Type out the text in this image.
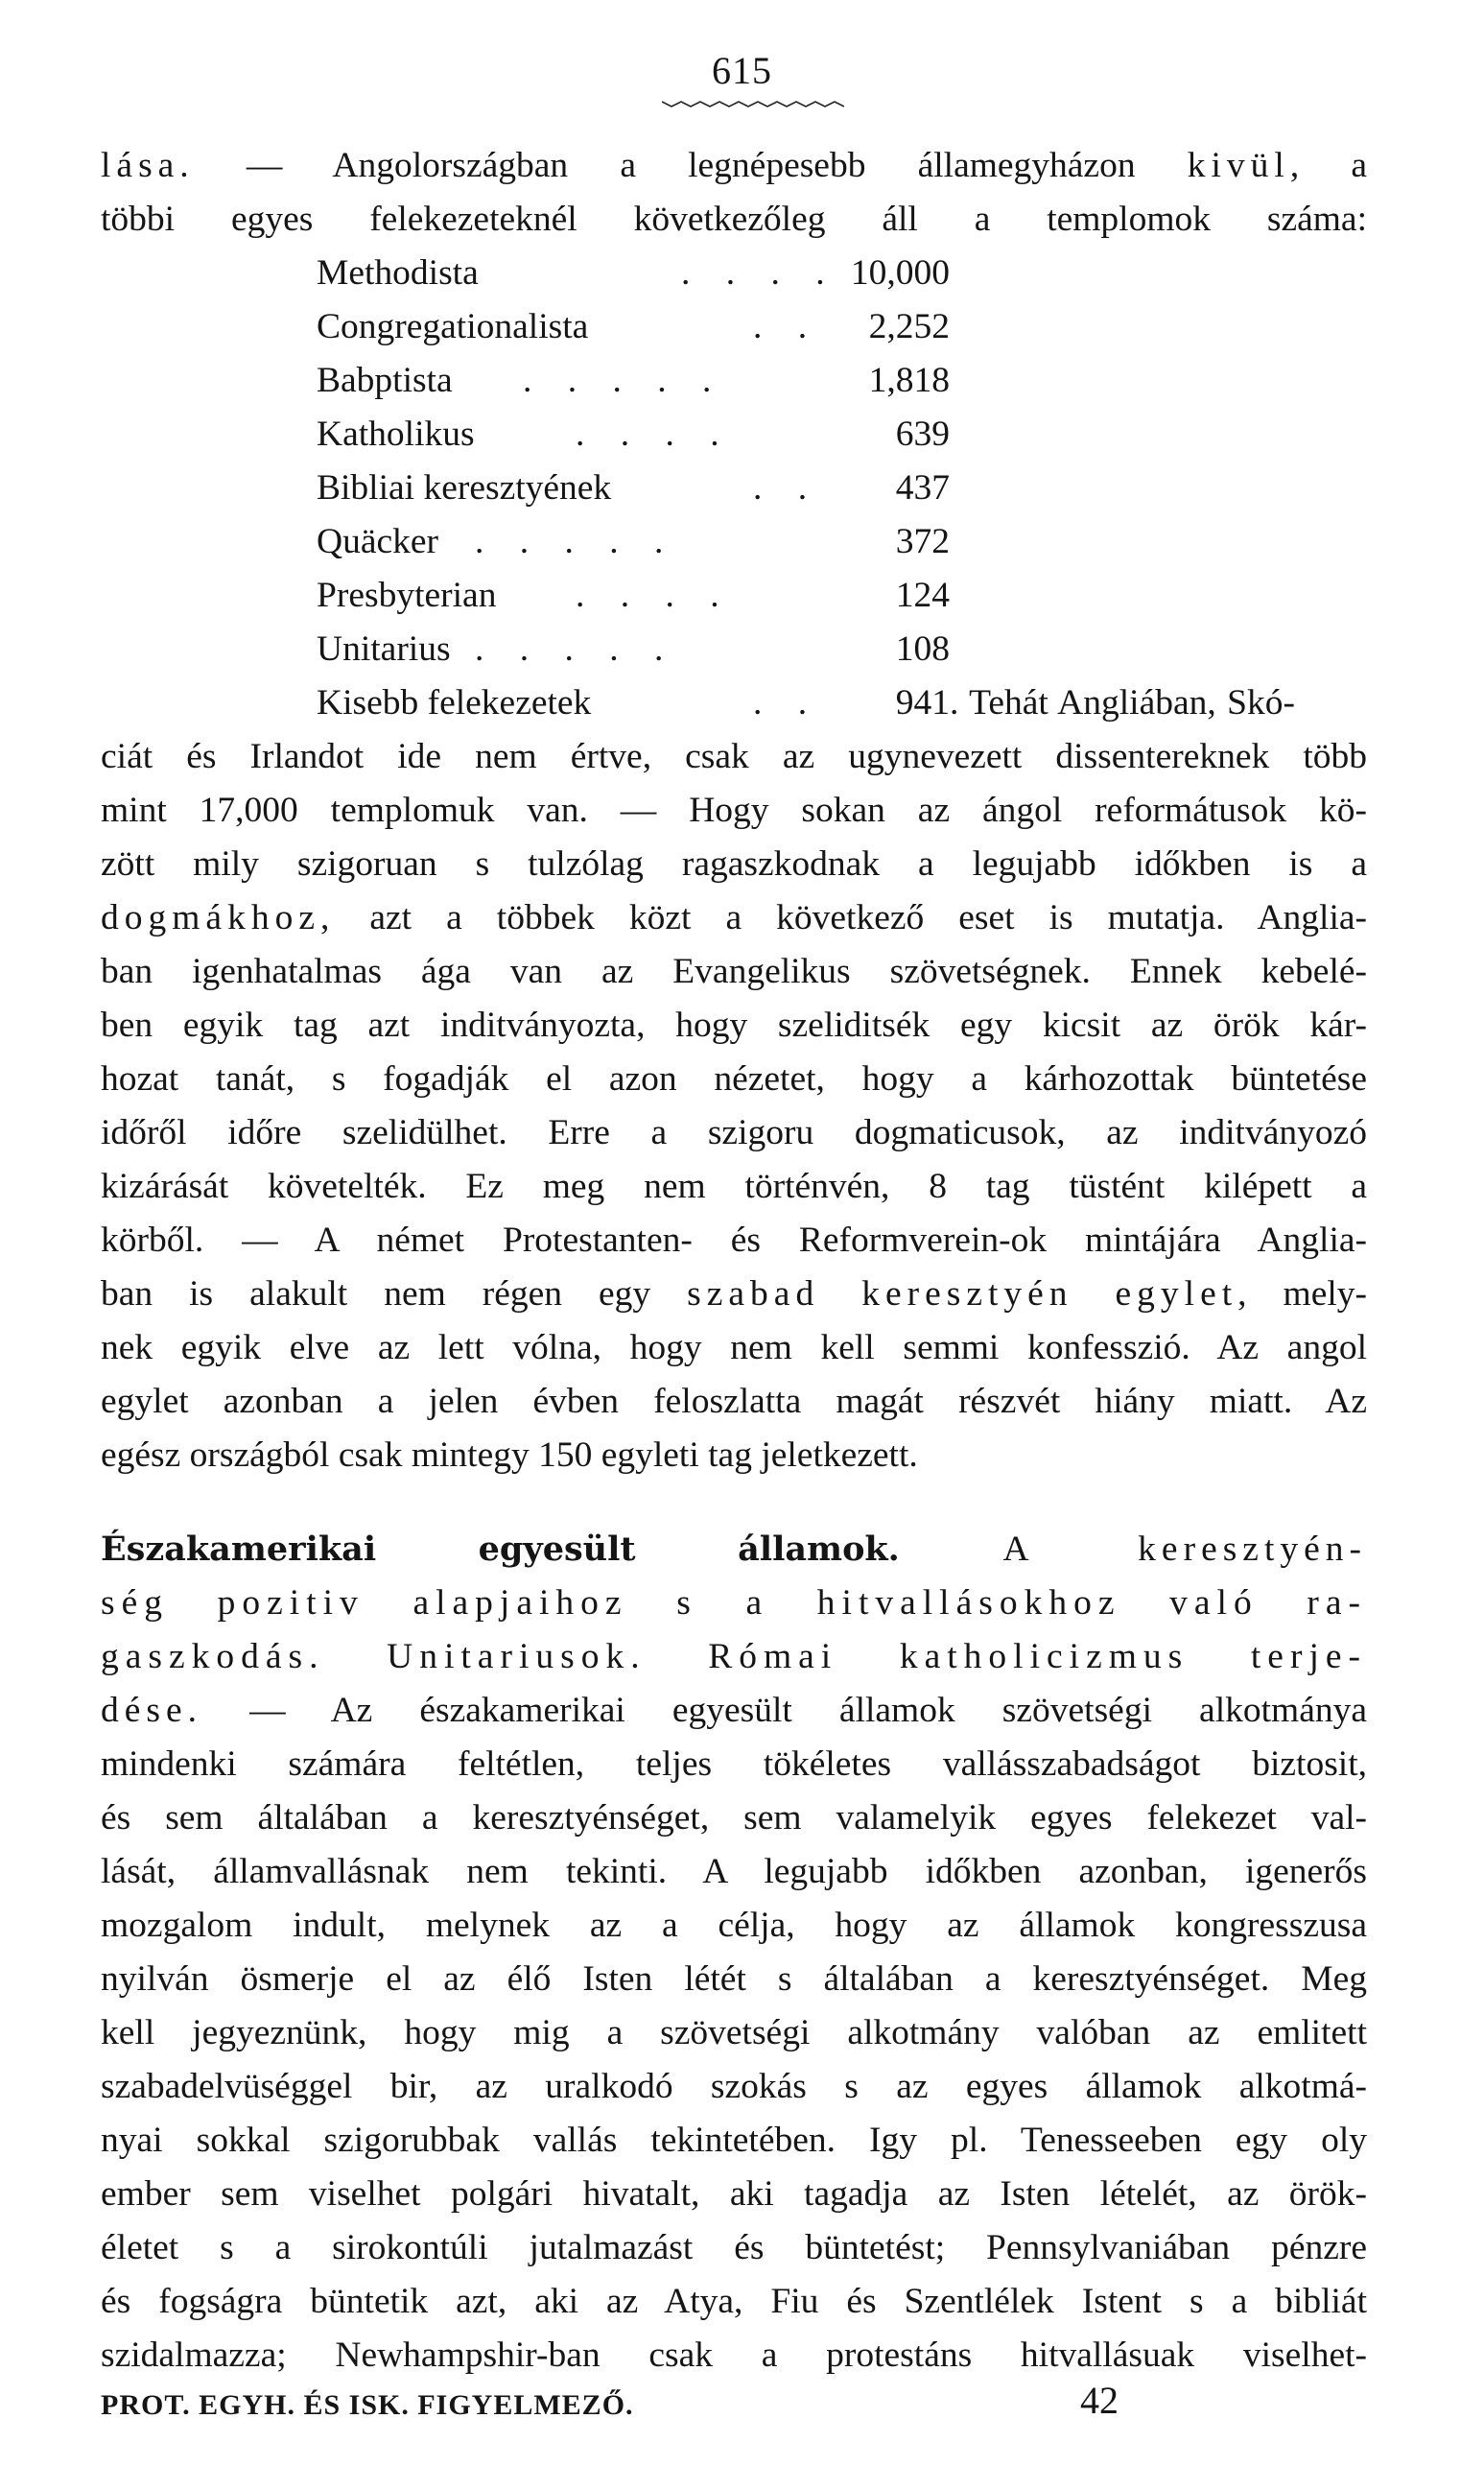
615
lása. — Angolországban a legnépesebb államegyházon kivül, a
többi egyes felekezeteknél következőleg áll a templomok száma:
Methodista	. . . . 10,000
Congregationalista	. . 2,252
Babptista . . . . .	1,818
Katholikus	. . . .	639
Bibliai keresztyének	. . 437
Quäcker . . . . .	372
Presbyterian . . . .	124
Unitarius . . . . .	108
Kisebb felekezetek	. . 941 . Tehát Angliában, Skó-
ciát és Irlandot ide nem értve, csak az ugynevezett dissentereknek több
mint 17,000 templomuk van. — Hogy sokan az ángol reformátusok kö-
zött mily szigoruan s tulzólag ragaszkodnak a legujabb időkben is a
dogmákhoz, azt a többek közt a következő eset is mutatja. Anglia-
ban igenhatalmas ága van az Evangelikus szövetségnek. Ennek kebelé-
ben egyik tag azt inditványozta, hogy szeliditsék egy kicsit az örök kár-
hozat tanát, s fogadják el azon nézetet, hogy a kárhozottak büntetése
időről időre szelidülhet. Erre a szigoru dogmaticusok, az inditványozó
kizárását követelték. Ez meg nem történvén, 8 tag tüstént kilépett a
körből. — A német Protestanten- és Reformverein-ok mintájára Anglia-
ban is alakult nem régen egy szabad keresztyén egylet, mely-
nek egyik elve az lett vólna, hogy nem kell semmi konfesszió. Az angol
egylet azonban a jelen évben feloszlatta magát részvét hiány miatt. Az
egész országból csak mintegy 150 egyleti tag jeletkezett.
Északamerikai egyesült államok. A keresztyén-
ség pozitiv alapjaihoz s a hitvallásokhoz való ra-
gaszkodás. Unitariusok. Római katholicizmus terje-
dése. — Az északamerikai egyesült államok szövetségi alkotmánya
mindenki számára feltétlen, teljes tökéletes vallásszabadságot biztosit,
és sem általában a keresztyénséget, sem valamelyik egyes felekezet val-
lását, államvallásnak nem tekinti. A legujabb időkben azonban, igenerős
mozgalom indult, melynek az a célja, hogy az államok kongresszusa
nyilván ösmerje el az élő Isten létét s általában a keresztyénséget. Meg
kell jegyeznünk, hogy mig a szövetségi alkotmány valóban az emlitett
szabadelvüséggel bir, az uralkodó szokás s az egyes államok alkotmá-
nyai sokkal szigorubbak vallás tekintetében. Igy pl. Tenesseeben egy oly
ember sem viselhet polgári hivatalt, aki tagadja az Isten lételét, az örök-
életet s a sirokontúli jutalmazást és büntetést; Pennsylvaniában pénzre
és fogságra büntetik azt, aki az Atya, Fiu és Szentlélek Istent s a bibliát
szidalmazza; Newhampshir-ban csak a protestáns hitvallásuak viselhet-
PROT. EGYH. ÉS ISK. FIGYELMEZŐ.	42
